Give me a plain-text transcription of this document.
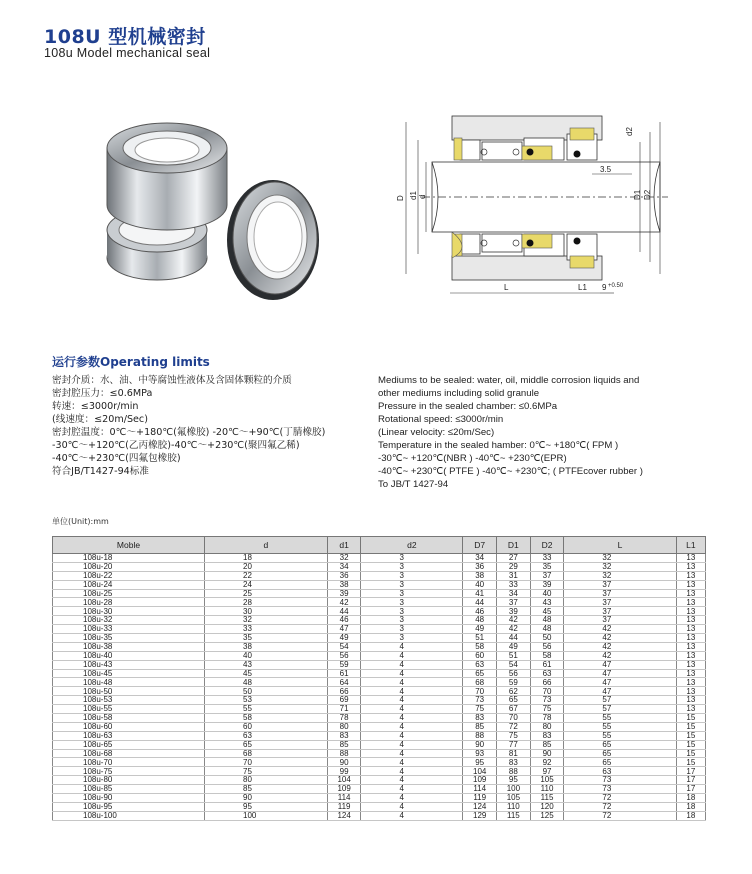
108U 型机械密封
108u Model mechanical seal
D d1 d	D1 D2
d2
L	L1
3.5
9 +0.50
运行参数Operating limits
密封介质：水、油、中等腐蚀性液体及含固体颗粒的介质
密封腔压力：≤0.6MPa
转速：≤3000r/min
(线速度：≤20m/Sec)
密封腔温度：0℃～+180℃(氟橡胶) -20℃～+90℃(丁腈橡胶)
-30℃～+120℃(乙丙橡胶)-40℃～+230℃(聚四氟乙稀)
-40℃～+230℃(四氟包橡胶)
符合JB/T1427-94标准
Mediums to be sealed: water, oil, middle corrosion liquids and
other mediums including solid granule
Pressure in the sealed chamber: ≤0.6MPa
Rotational speed: ≤3000r/min
(Linear velocity: ≤20m/Sec)
Temperature in the sealed hamber: 0℃~ +180℃( FPM )
-30℃~ +120℃(NBR ) -40℃~ +230℃(EPR)
-40℃~ +230℃( PTFE ) -40℃~ +230℃; ( PTFEcover rubber )
To JB/T 1427-94
单位(Unit):mm
Moble	d	d1	d2	D7	D1	D2	L	L1
108u-18	18	32	3	34	27	33	32	13
108u-20	20	34	3	36	29	35	32	13
108u-22	22	36	3	38	31	37	32	13
108u-24	24	38	3	40	33	39	37	13
108u-25	25	39	3	41	34	40	37	13
108u-28	28	42	3	44	37	43	37	13
108u-30	30	44	3	46	39	45	37	13
108u-32	32	46	3	48	42	48	37	13
108u-33	33	47	3	49	42	48	42	13
108u-35	35	49	3	51	44	50	42	13
108u-38	38	54	4	58	49	56	42	13
108u-40	40	56	4	60	51	58	42	13
108u-43	43	59	4	63	54	61	47	13
108u-45	45	61	4	65	56	63	47	13
108u-48	48	64	4	68	59	66	47	13
108u-50	50	66	4	70	62	70	47	13
108u-53	53	69	4	73	65	73	57	13
108u-55	55	71	4	75	67	75	57	13
108u-58	58	78	4	83	70	78	55	15
108u-60	60	80	4	85	72	80	55	15
108u-63	63	83	4	88	75	83	55	15
108u-65	65	85	4	90	77	85	65	15
108u-68	68	88	4	93	81	90	65	15
108u-70	70	90	4	95	83	92	65	15
108u-75	75	99	4	104	88	97	63	17
108u-80	80	104	4	109	95	105	73	17
108u-85	85	109	4	114	100	110	73	17
108u-90	90	114	4	119	105	115	72	18
108u-95	95	119	4	124	110	120	72	18
108u-100	100	124	4	129	115	125	72	18
